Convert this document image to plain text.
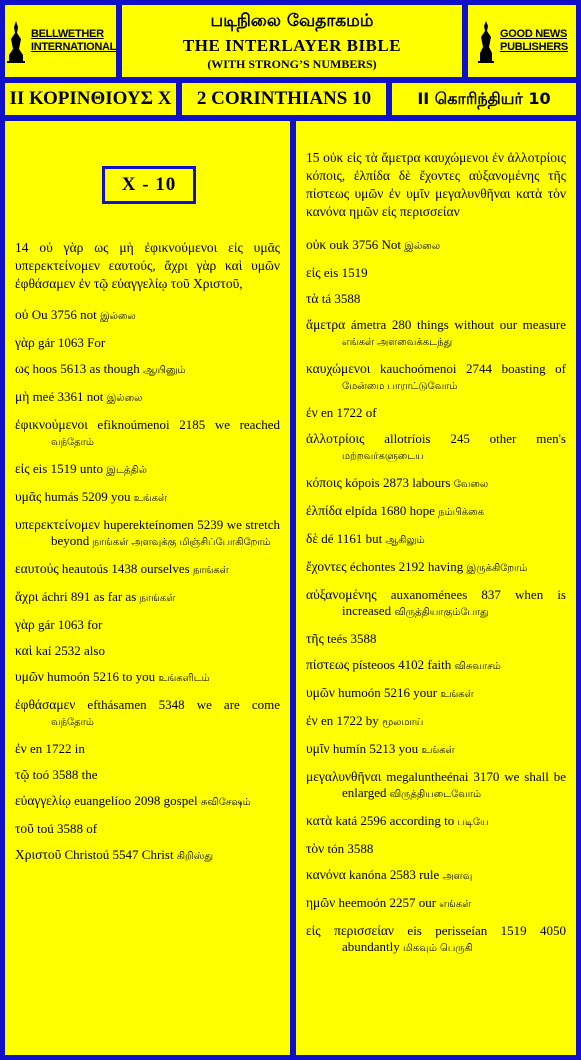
BELLWETHER
INTERNATIONAL
படிநிலை வேதாகமம்
THE INTERLAYER BIBLE
(WITH STRONG’S NUMBERS)
GOOD NEWS
PUBLISHERS
II ΚΟΡΙΝΘΙΟΥΣ Χ	2 CORINTHIANS 10	II கொரிந்தியர் 10
X - 10
14 ού γὰρ ως μὴ ἐφικνούμενοι εἰς υμᾶς υπερεκτείνομεν εαυτούς, ἄχρι γὰρ καὶ υμῶν ἐφθάσαμεν ἐν τῷ εὐαγγελίῳ τοῦ Χριστοῦ,
οὐ Ou 3756 not இல்லை
γὰρ gár 1063 For
ως hoos 5613 as though ஆயினும்
μὴ meé 3361 not இல்லை
ἐφικνούμενοι efiknoúmenoi 2185 we reached வந்தோம்
εἰς eis 1519 unto இடத்தில்
υμᾶς humás 5209 you உங்கள்
υπερεκτείνομεν huperekteínomen 5239 we stretch beyond நாங்கள் அளவுக்கு மிஞ்சிப்போகிறோம்
εαυτούς heautoús 1438 ourselves நாங்கள்
ἄχρι áchri 891 as far as நாங்கள்
γὰρ gár 1063 for
καὶ kaí 2532 also
υμῶν humoón 5216 to you உங்களிடம்
ἐφθάσαμεν efthásamen 5348 we are come வந்தோம்
ἐν en 1722 in
τῷ toó 3588 the
εὐαγγελίῳ euangelíoo 2098 gospel சுவிசேஷம்
τοῦ toú 3588 of
Χριστοῦ Christoú 5547 Christ கிறிஸ்து
15 οὐκ εἰς τὰ ἄμετρα καυχώμενοι ἐν ἀλλοτρίοις κόποις, ἐλπίδα δὲ ἔχοντες αὐξανομένης τῆς πίστεως υμῶν ἐν υμῖν μεγαλυνθῆναι κατὰ τὸν κανόνα ημῶν εἰς περισσείαν
οὐκ ouk 3756 Not இல்லை
εἰς eis 1519
τὰ tá 3588
ἄμετρα ámetra 280 things without our measure எங்கள் அளவைக்கடந்து
καυχώμενοι kauchoómenoi 2744 boasting of மேன்மை பாராட்டுவோம்
ἐν en 1722 of
ἀλλοτρίοις allotríois 245 other men's மற்றவர்களுடைய
κόποις kópois 2873 labours வேலை
ἐλπίδα elpída 1680 hope நம்பிக்கை
δὲ dé 1161 but ஆகிலும்
ἔχοντες échontes 2192 having இருக்கிறோம்
αὐξανομένης auxanoménees 837 when is increased விருத்தியாகும்போது
τῆς teés 3588
πίστεως písteoos 4102 faith விசுவாசம்
υμῶν humoón 5216 your உங்கள்
ἐν en 1722 by மூலமாய்
υμῖν humín 5213 you உங்கள்
μεγαλυνθῆναι megaluntheénai 3170 we shall be enlarged விருத்தியடைவோம்
κατὰ katá 2596 according to படியே
τὸν tón 3588
κανόνα kanóna 2583 rule அளவு
ημῶν heemoón 2257 our எங்கள்
εἰς περισσείαν eis perisseían 1519 4050 abundantly மிகவும் பெருகி
